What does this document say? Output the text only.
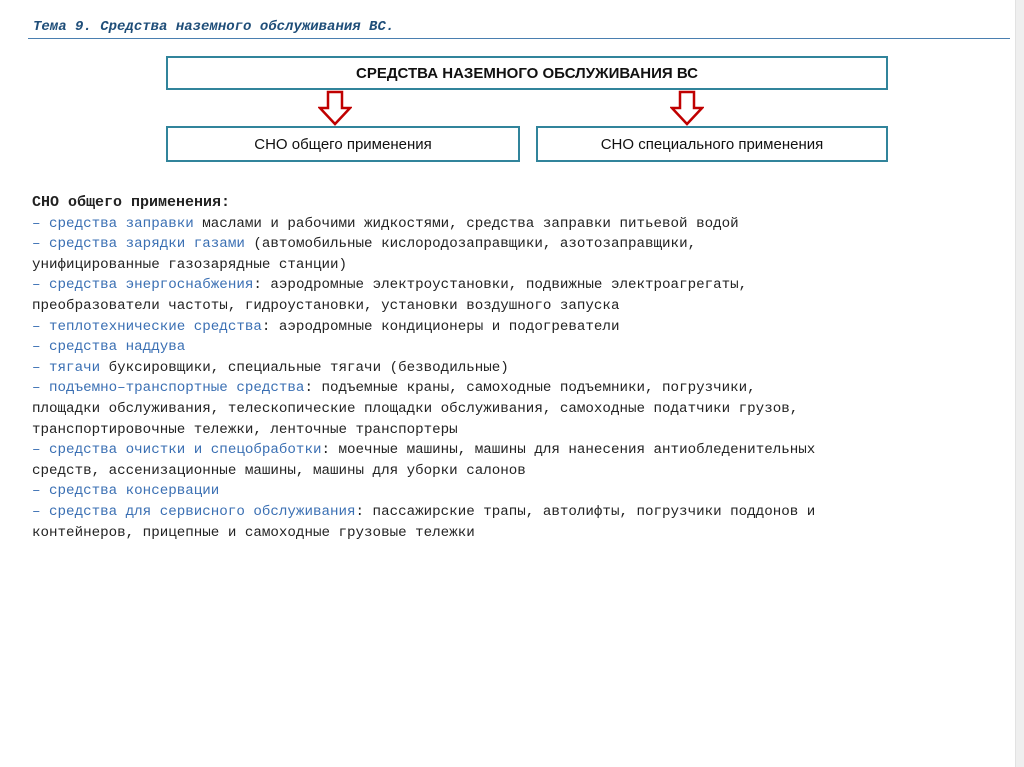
Тема 9. Средства наземного обслуживания ВС.
СРЕДСТВА НАЗЕМНОГО ОБСЛУЖИВАНИЯ ВС
СНО общего применения	СНО специального применения
СНО общего применения:
– средства заправки маслами и рабочими жидкостями, средства заправки питьевой водой
– средства зарядки газами (автомобильные кислородозаправщики, азотозаправщики,
унифицированные газозарядные станции)
– средства энергоснабжения: аэродромные электроустановки, подвижные электроагрегаты,
преобразователи частоты, гидроустановки, установки воздушного запуска
– теплотехнические средства: аэродромные кондиционеры и подогреватели
– средства наддува
– тягачи буксировщики, специальные тягачи (безводильные)
– подъемно–транспортные средства: подъемные краны, самоходные подъемники, погрузчики,
площадки обслуживания, телескопические площадки обслуживания, самоходные податчики грузов,
транспортировочные тележки, ленточные транспортеры
– средства очистки и спецобработки: моечные машины, машины для нанесения антиобледенительных
средств, ассенизационные машины, машины для уборки салонов
– средства консервации
– средства для сервисного обслуживания: пассажирские трапы, автолифты, погрузчики поддонов и
контейнеров, прицепные и самоходные грузовые тележки
